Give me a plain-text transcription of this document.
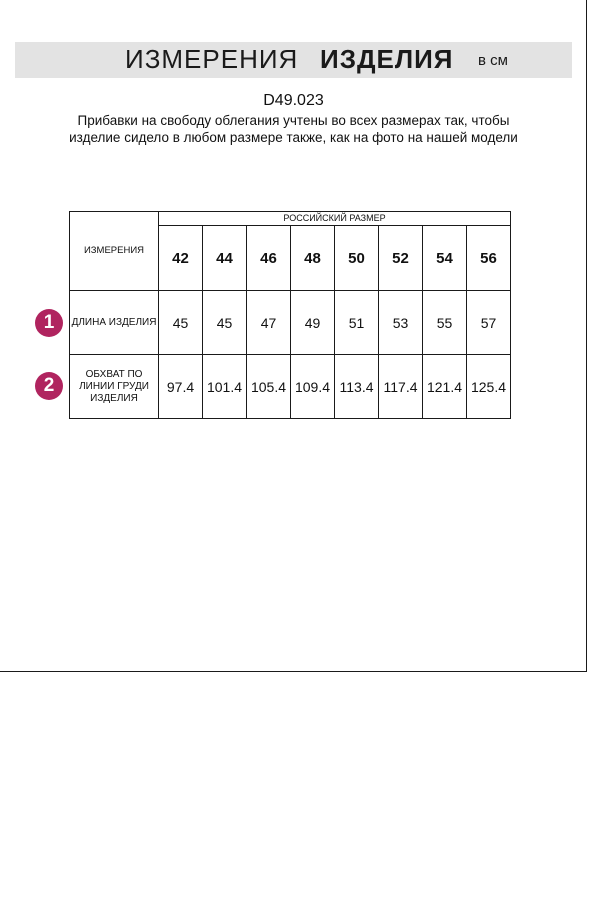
ИЗМЕРЕНИЯ ИЗДЕЛИЯ в см
D49.023
Прибавки на свободу облегания учтены во всех размерах так, чтобы изделие сидело в любом размере также, как на фото на нашей модели
1
2
ИЗМЕРЕНИЯ	РОССИЙСКИЙ РАЗМЕР							
	42	44	46	48	50	52	54	56
ДЛИНА ИЗДЕЛИЯ	45	45	47	49	51	53	55	57
ОБХВАТ ПО ЛИНИИ ГРУДИ ИЗДЕЛИЯ	97.4	101.4	105.4	109.4	113.4	117.4	121.4	125.4
